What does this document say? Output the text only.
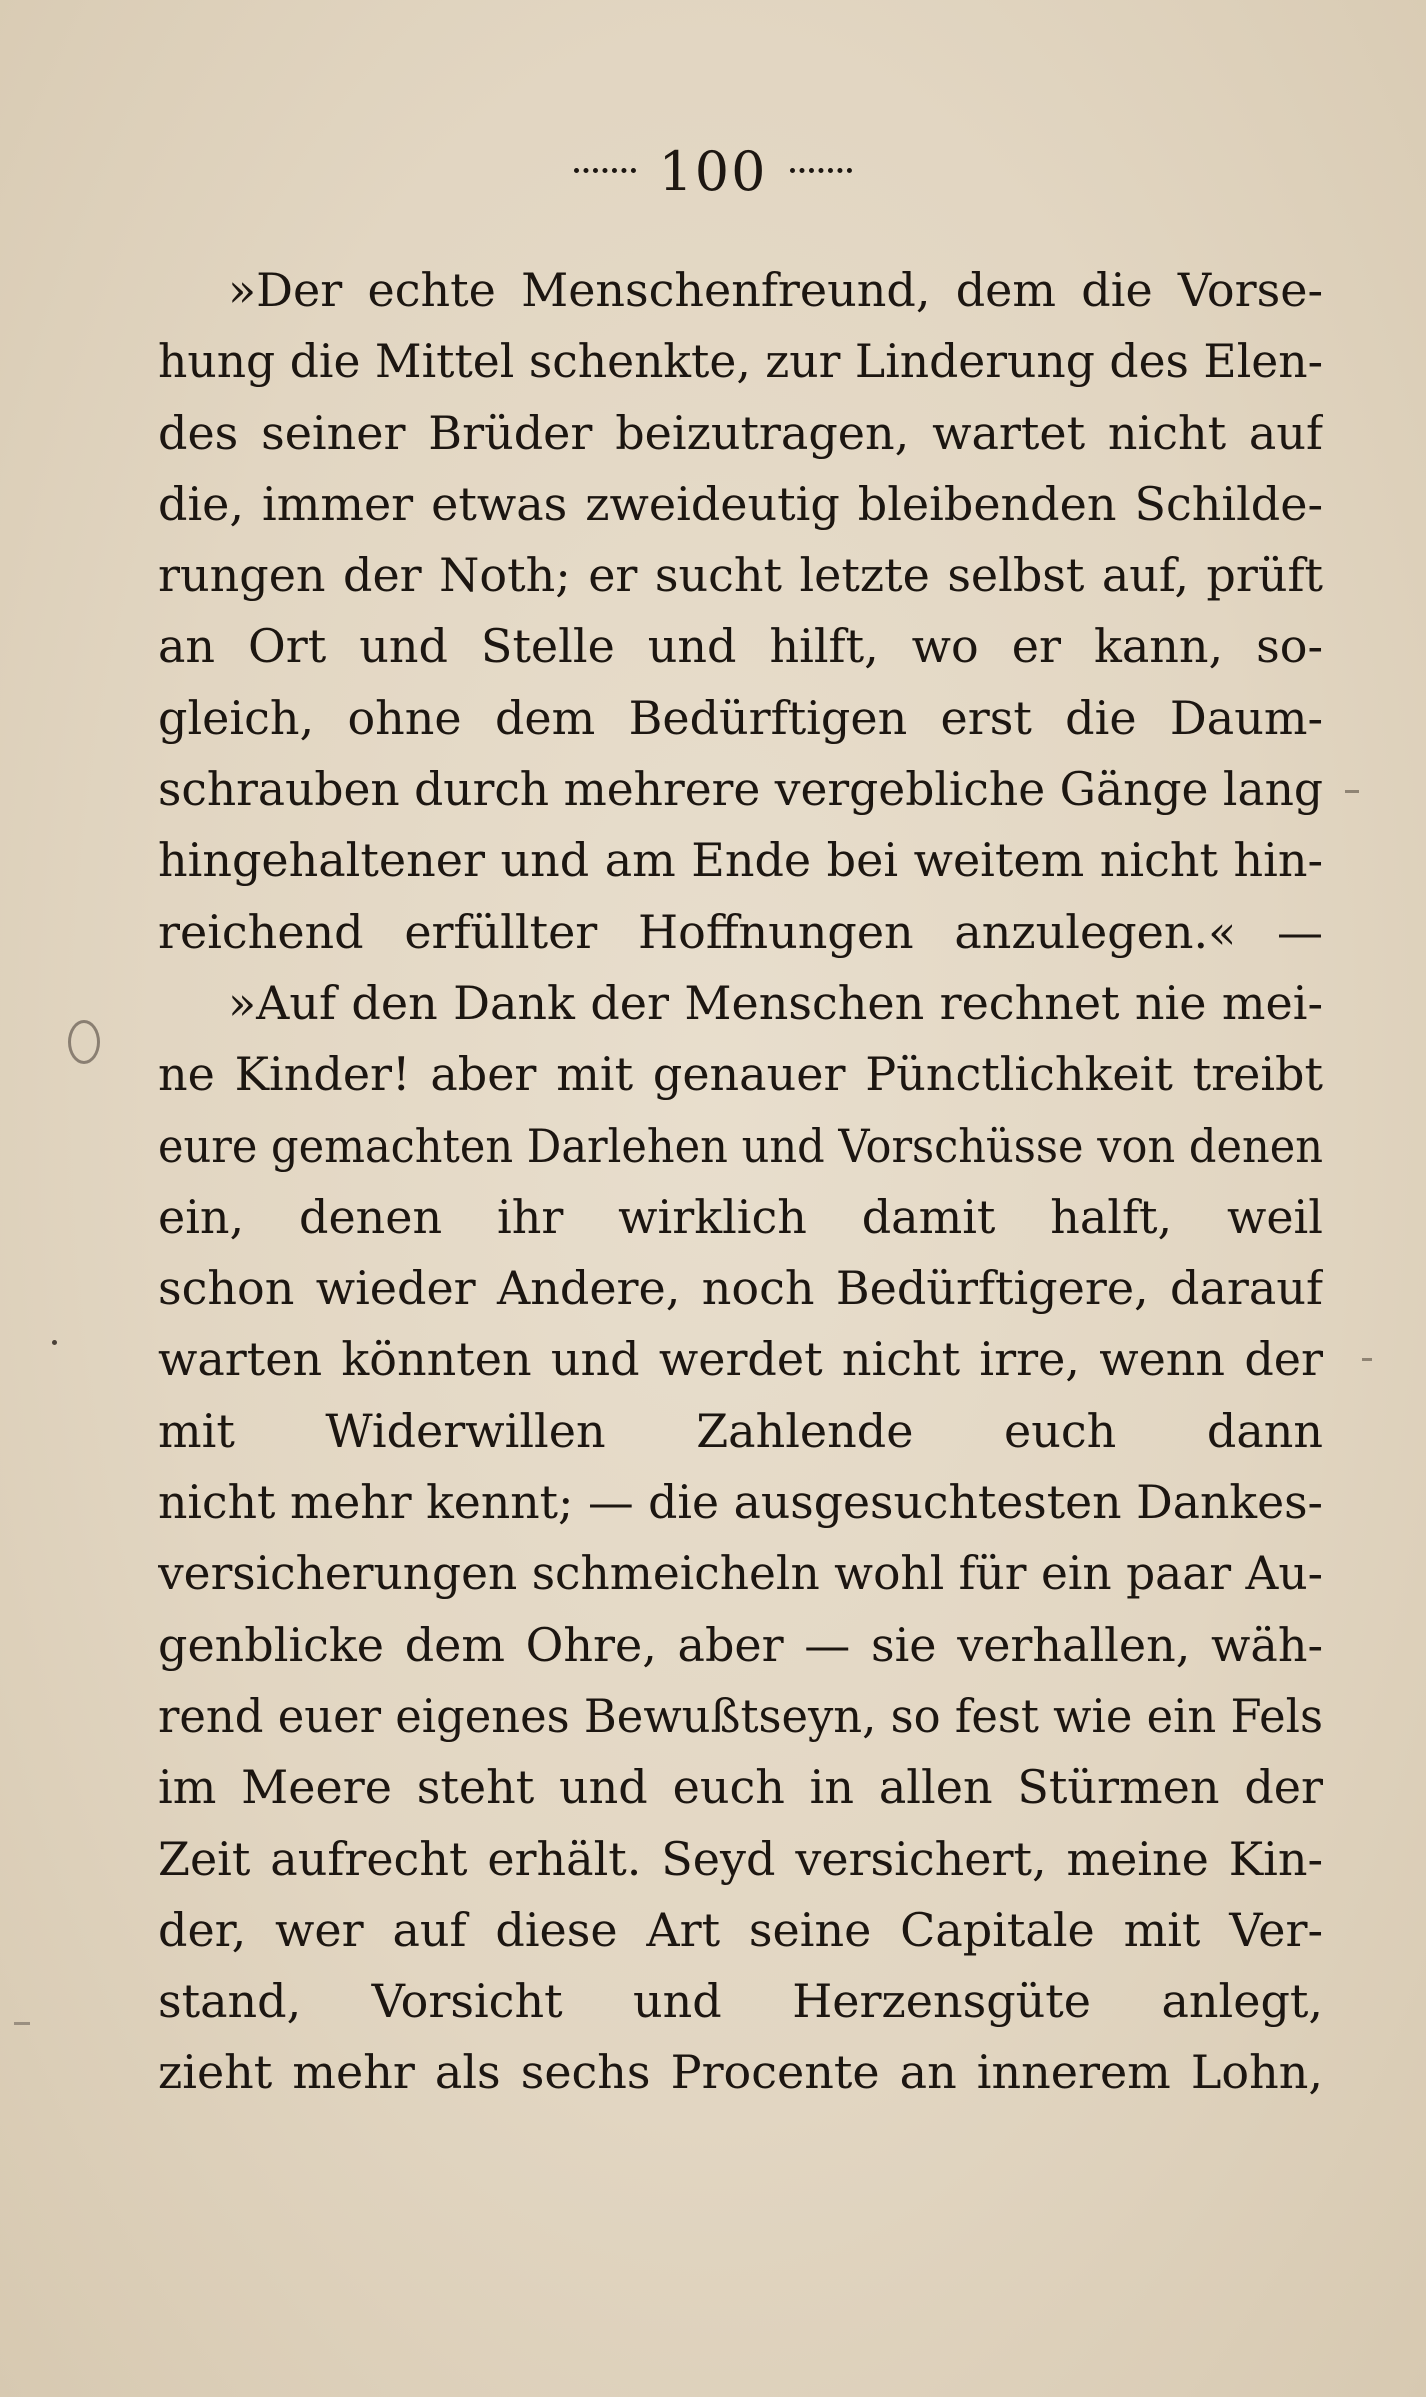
100
»Der echte Menschenfreund, dem die Vorse-
hung die Mittel schenkte, zur Linderung des Elen-
des seiner Brüder beizutragen, wartet nicht auf
die, immer etwas zweideutig bleibenden Schilde-
rungen der Noth; er sucht letzte selbst auf, prüft
an Ort und Stelle und hilft, wo er kann, so-
gleich, ohne dem Bedürftigen erst die Daum-
schrauben durch mehrere vergebliche Gänge lang
hingehaltener und am Ende bei weitem nicht hin-
reichend erfüllter Hoffnungen anzulegen.« —
»Auf den Dank der Menschen rechnet nie mei-
ne Kinder! aber mit genauer Pünctlichkeit treibt
eure gemachten Darlehen und Vorschüsse von denen
ein, denen ihr wirklich damit halft, weil
schon wieder Andere, noch Bedürftigere, darauf
warten könnten und werdet nicht irre, wenn der
mit Widerwillen Zahlende euch dann
nicht mehr kennt; — die ausgesuchtesten Dankes-
versicherungen schmeicheln wohl für ein paar Au-
genblicke dem Ohre, aber — sie verhallen, wäh-
rend euer eigenes Bewußtseyn, so fest wie ein Fels
im Meere steht und euch in allen Stürmen der
Zeit aufrecht erhält. Seyd versichert, meine Kin-
der, wer auf diese Art seine Capitale mit Ver-
stand, Vorsicht und Herzensgüte anlegt,
zieht mehr als sechs Procente an innerem Lohn,
